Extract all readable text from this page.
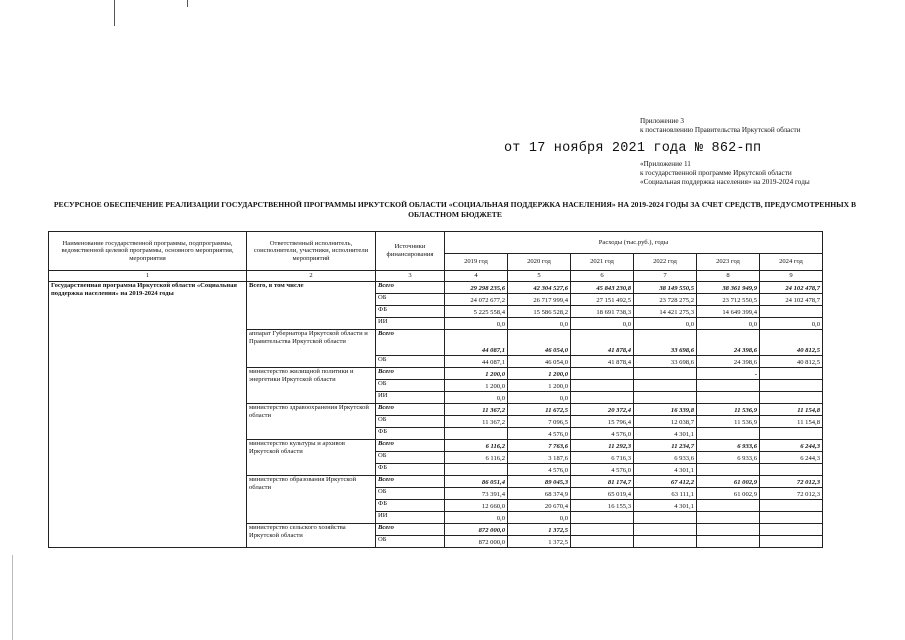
Приложение 3
к постановлению Правительства Иркутской области
от 17 ноября 2021 года № 862-пп
«Приложение 11
к государственной программе Иркутской области
«Социальная поддержка населения» на 2019-2024 годы
РЕСУРСНОЕ ОБЕСПЕЧЕНИЕ РЕАЛИЗАЦИИ ГОСУДАРСТВЕННОЙ ПРОГРАММЫ ИРКУТСКОЙ ОБЛАСТИ «СОЦИАЛЬНАЯ ПОДДЕРЖКА НАСЕЛЕНИЯ» НА 2019-2024 ГОДЫ ЗА СЧЕТ СРЕДСТВ, ПРЕДУСМОТРЕННЫХ В ОБЛАСТНОМ БЮДЖЕТЕ
Наименование государственной программы, подпрограммы, ведомственной целевой программы, основного мероприятия, мероприятия	Ответственный исполнитель, соисполнители, участники, исполнители мероприятий	Источники финансирования	Расходы (тыс.руб.), годы					
			2019 год	2020 год	2021 год	2022 год	2023 год	2024 год
1	2	3	4	5	6	7	8	9
Государственная программа Иркутской области «Социальная поддержка населения» на 2019-2024 годы	Всего, в том числе	Всего	29 298 235,6	42 304 527,6	45 843 230,8	38 149 550,5	38 361 949,9	24 102 478,7
		ОБ	24 072 677,2	26 717 999,4	27 151 492,5	23 728 275,2	23 712 550,5	24 102 478,7
		ФБ	5 225 558,4	15 586 528,2	18 691 738,3	14 421 275,3	14 649 399,4	
		ИИ	0,0	0,0	0,0	0,0	0,0	0,0
	аппарат Губернатора Иркутской области и Правительства Иркутской области	Всего	44 087,1	46 054,0	41 878,4	33 698,6	24 398,6	40 812,5
		ОБ	44 087,1	46 054,0	41 878,4	33 698,6	24 398,6	40 812,5
	министерство жилищной политики и энергетики Иркутской области	Всего	1 200,0	1 200,0			-	
		ОБ	1 200,0	1 200,0				
		ИИ	0,0	0,0				
	министерство здравоохранения Иркутской области	Всего	11 367,2	11 672,5	20 372,4	16 339,8	11 536,9	11 154,8
		ОБ	11 367,2	7 096,5	15 796,4	12 038,7	11 536,9	11 154,8
		ФБ		4 576,0	4 576,0	4 301,1		
	министерство культуры и архивов Иркутской области	Всего	6 116,2	7 763,6	11 292,3	11 234,7	6 933,6	6 244,3
		ОБ	6 116,2	3 187,6	6 716,3	6 933,6	6 933,6	6 244,3
		ФБ		4 576,0	4 576,0	4 301,1		
	министерство образования Иркутской области	Всего	86 051,4	89 045,3	81 174,7	67 412,2	61 002,9	72 012,3
		ОБ	73 391,4	68 374,9	65 019,4	63 111,1	61 002,9	72 012,3
		ФБ	12 660,0	20 670,4	16 155,3	4 301,1		
		ИИ	0,0	0,0				
	министерство сельского хозяйства Иркутской области	Всего	872 000,0	1 372,5				
		ОБ	872 000,0	1 372,5				
